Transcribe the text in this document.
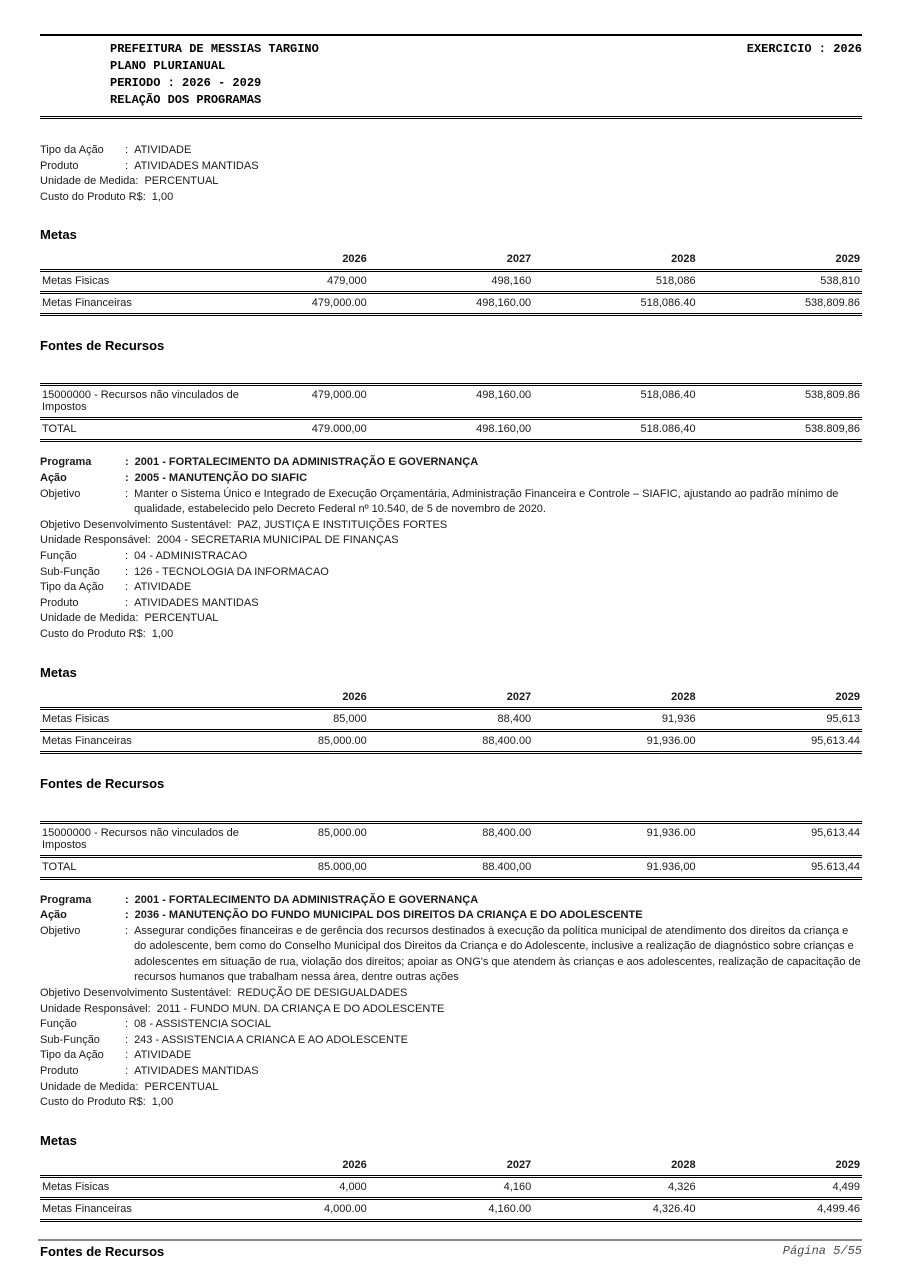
PREFEITURA DE MESSIAS TARGINO	EXERCICIO : 2026
PLANO PLURIANUAL
PERIODO : 2026 - 2029
RELAÇÃO DOS PROGRAMAS
Tipo da Ação	: ATIVIDADE
Produto	: ATIVIDADES MANTIDAS
Unidade de Medida : PERCENTUAL
Custo do Produto R$ : 1,00
Metas
	2026	2027	2028	2029
Metas Fisicas	479,000	498,160	518,086	538,810
Metas Financeiras	479,000.00	498,160.00	518,086.40	538,809.86
Fontes de Recursos
15000000 - Recursos não vinculados de Impostos	479,000.00	498,160.00	518,086.40	538,809.86
TOTAL	479.000,00	498.160,00	518.086,40	538.809,86
Programa	: 2001 - FORTALECIMENTO DA ADMINISTRAÇÃO E GOVERNANÇA
Ação	: 2005 - MANUTENÇÃO DO SIAFIC
Objetivo	: Manter o Sistema Único e Integrado de Execução Orçamentária, Administração Financeira e Controle – SIAFIC, ajustando ao padrão mínimo de qualidade, estabelecido pelo Decreto Federal nº 10.540, de 5 de novembro de 2020.
Objetivo Desenvolvimento Sustentável : PAZ, JUSTIÇA E INSTITUIÇÕES FORTES
Unidade Responsável : 2004 - SECRETARIA MUNICIPAL DE FINANÇAS
Função	: 04 - ADMINISTRACAO
Sub-Função	: 126 - TECNOLOGIA DA INFORMACAO
Tipo da Ação	: ATIVIDADE
Produto	: ATIVIDADES MANTIDAS
Unidade de Medida : PERCENTUAL
Custo do Produto R$ : 1,00
Metas
	2026	2027	2028	2029
Metas Fisicas	85,000	88,400	91,936	95,613
Metas Financeiras	85,000.00	88,400.00	91,936.00	95,613.44
Fontes de Recursos
15000000 - Recursos não vinculados de Impostos	85,000.00	88,400.00	91,936.00	95,613.44
TOTAL	85.000,00	88.400,00	91.936,00	95.613,44
Programa	: 2001 - FORTALECIMENTO DA ADMINISTRAÇÃO E GOVERNANÇA
Ação	: 2036 - MANUTENÇÃO DO FUNDO MUNICIPAL DOS DIREITOS DA CRIANÇA E DO ADOLESCENTE
Objetivo	: Assegurar condições financeiras e de gerência dos recursos destinados à execução da política municipal de atendimento dos direitos da criança e do adolescente, bem como do Conselho Municipal dos Direitos da Criança e do Adolescente, inclusive a realização de diagnóstico sobre crianças e adolescentes em situação de rua, violação dos direitos; apoiar as ONG's que atendem às crianças e aos adolescentes, realização de capacitação de recursos humanos que trabalham nessa área, dentre outras ações
Objetivo Desenvolvimento Sustentável : REDUÇÃO DE DESIGUALDADES
Unidade Responsável : 2011 - FUNDO MUN. DA CRIANÇA E DO ADOLESCENTE
Função	: 08 - ASSISTENCIA SOCIAL
Sub-Função	: 243 - ASSISTENCIA A CRIANCA E AO ADOLESCENTE
Tipo da Ação	: ATIVIDADE
Produto	: ATIVIDADES MANTIDAS
Unidade de Medida : PERCENTUAL
Custo do Produto R$ : 1,00
Metas
	2026	2027	2028	2029
Metas Fisicas	4,000	4,160	4,326	4,499
Metas Financeiras	4,000.00	4,160.00	4,326.40	4,499.46
Fontes de Recursos	Página 5/55
